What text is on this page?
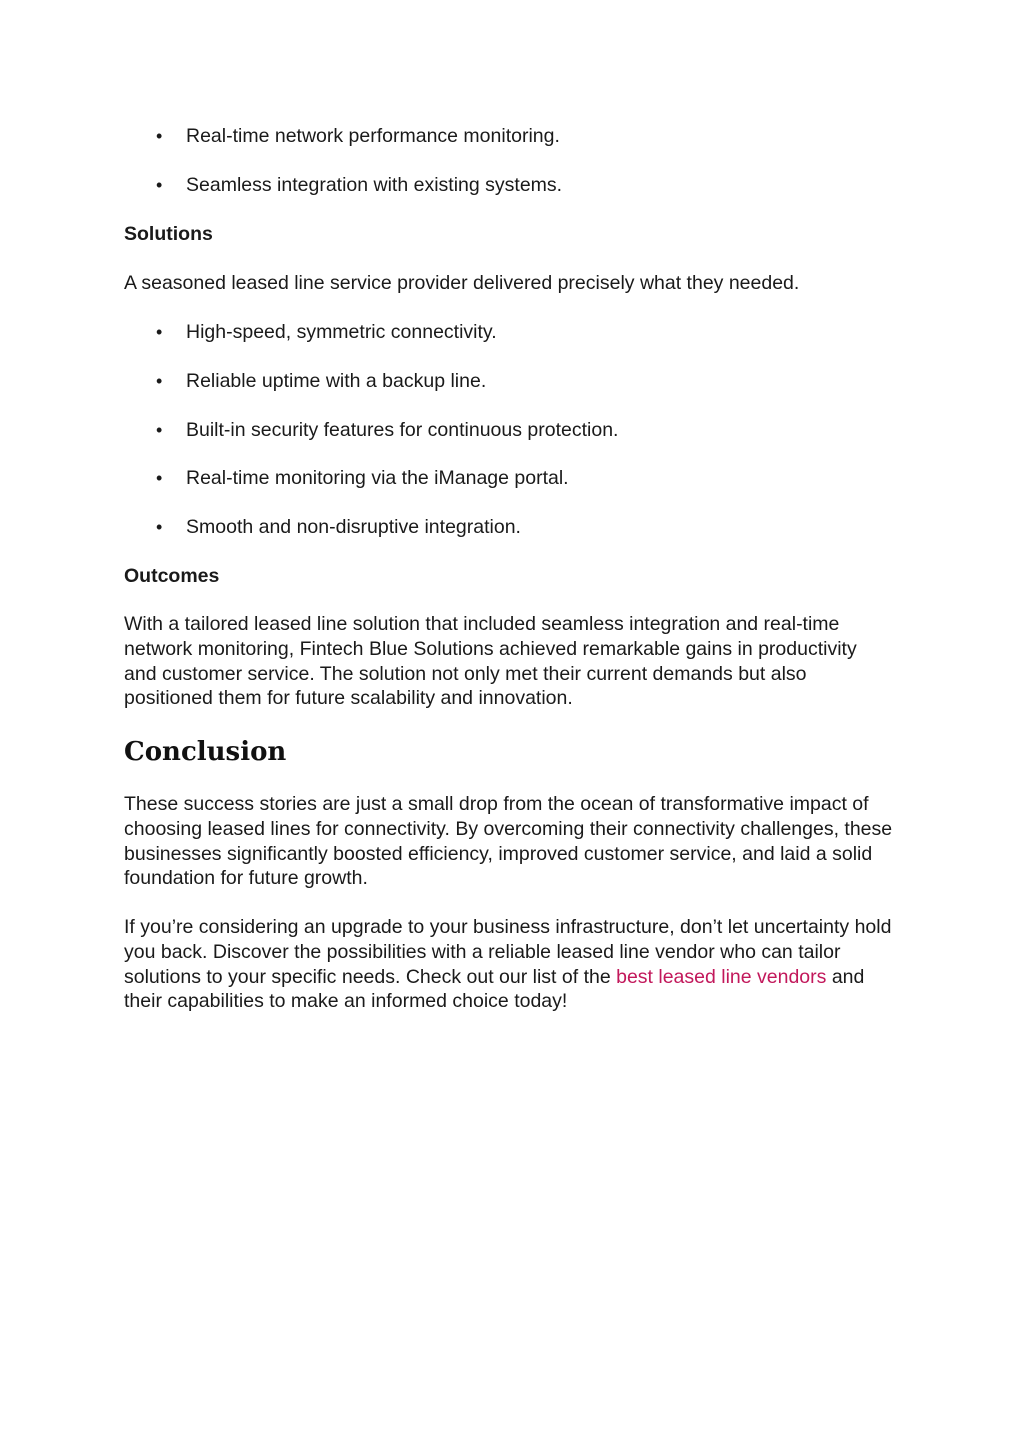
• Real-time network performance monitoring.
• Seamless integration with existing systems.
Solutions
A seasoned leased line service provider delivered precisely what they needed.
• High-speed, symmetric connectivity.
• Reliable uptime with a backup line.
• Built-in security features for continuous protection.
• Real-time monitoring via the iManage portal.
• Smooth and non-disruptive integration.
Outcomes

With a tailored leased line solution that included seamless integration and real-time network monitoring, Fintech Blue Solutions achieved remarkable gains in productivity and customer service. The solution not only met their current demands but also positioned them for future scalability and innovation.

Conclusion

These success stories are just a small drop from the ocean of transformative impact of choosing leased lines for connectivity. By overcoming their connectivity challenges, these businesses significantly boosted efficiency, improved customer service, and laid a solid foundation for future growth.

If you’re considering an upgrade to your business infrastructure, don’t let uncertainty hold you back. Discover the possibilities with a reliable leased line vendor who can tailor solutions to your specific needs. Check out our list of the best leased line vendors and their capabilities to make an informed choice today!
